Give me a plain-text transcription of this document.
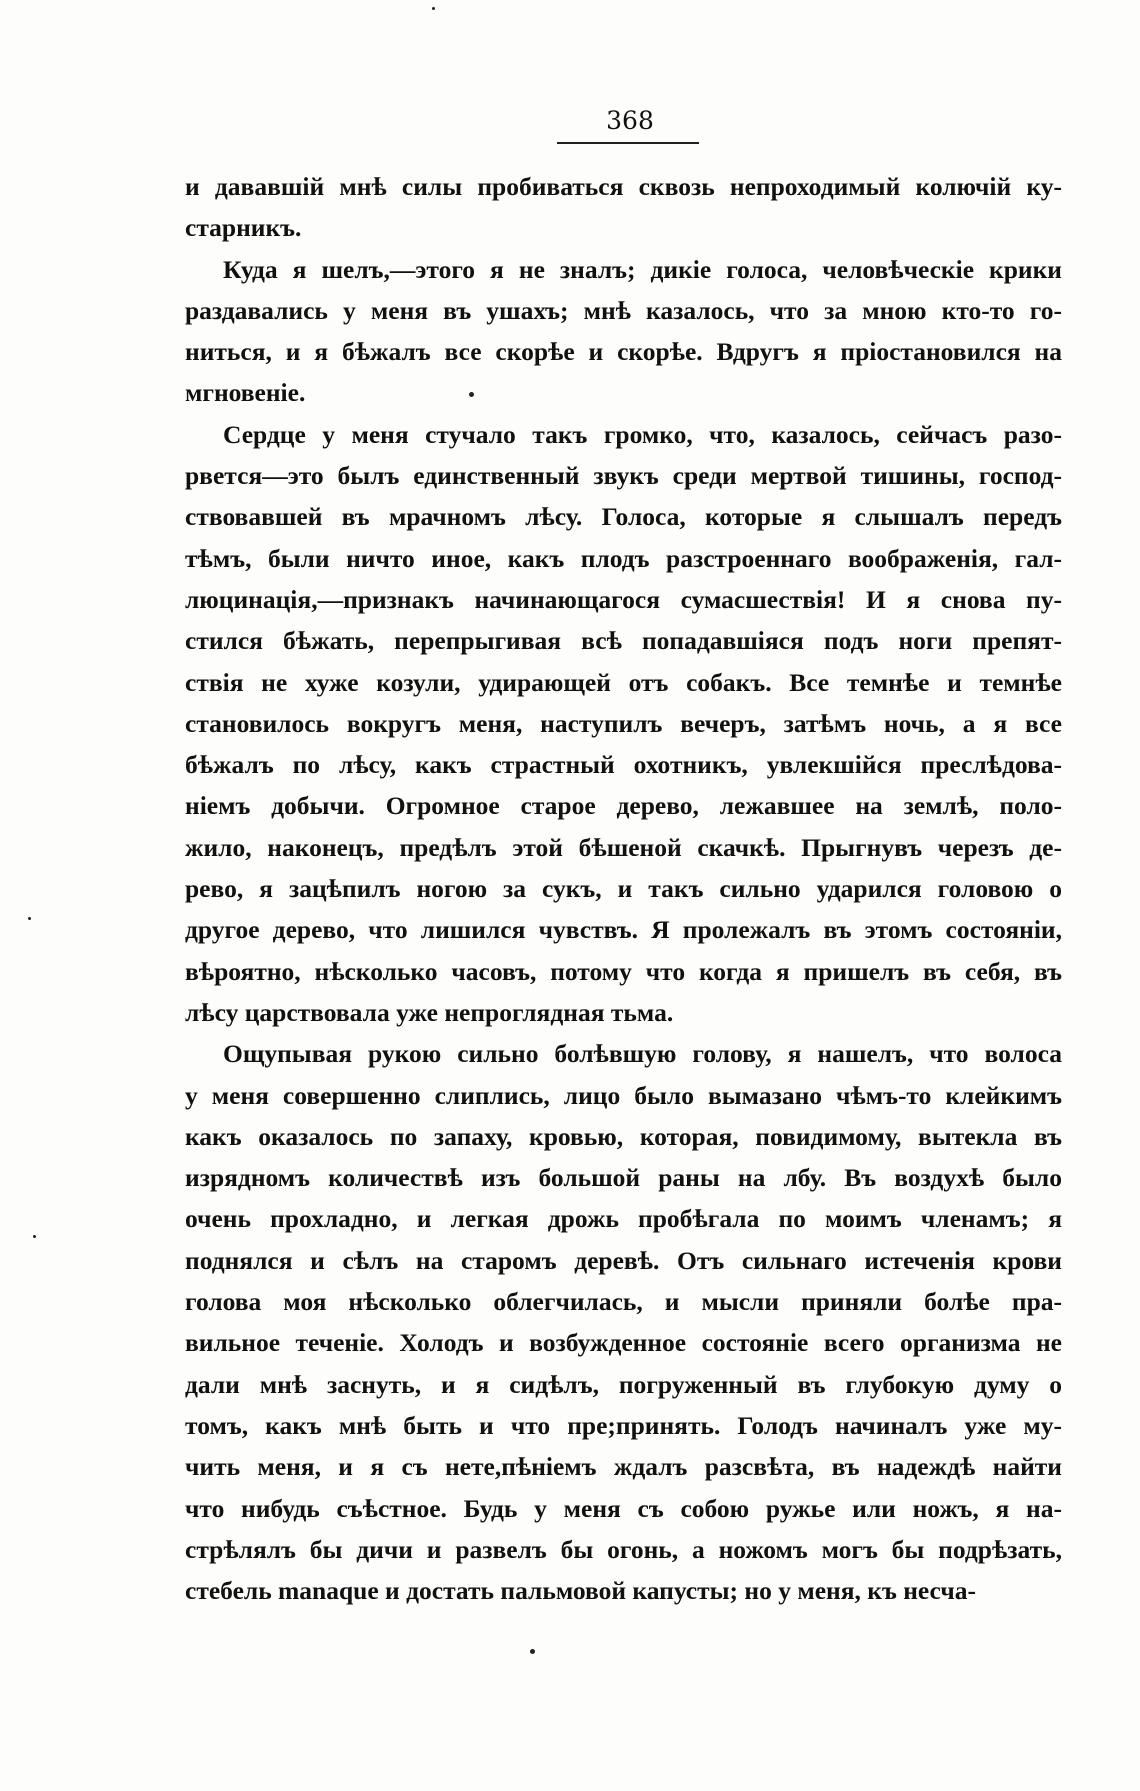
368
и дававшій мнѣ силы пробиваться сквозь непроходимый колючій ку-
старникъ.
Куда я шелъ,—этого я не зналъ; дикіе голоса, человѣческіе крики
раздавались у меня въ ушахъ; мнѣ казалось, что за мною кто-то го-
ниться, и я бѣжалъ все скорѣе и скорѣе. Вдругъ я пріостановился на
мгновеніе.
Сердце у меня стучало такъ громко, что, казалось, сейчасъ разо-
рвется—это былъ единственный звукъ среди мертвой тишины, господ-
ствовавшей въ мрачномъ лѣсу. Голоса, которые я слышалъ передъ
тѣмъ, были ничто иное, какъ плодъ разстроеннаго воображенія, гал-
люцинація,—признакъ начинающагося сумасшествія! И я снова пу-
стился бѣжать, перепрыгивая всѣ попадавшіяся подъ ноги препят-
ствія не хуже козули, удирающей отъ собакъ. Все темнѣе и темнѣе
становилось вокругъ меня, наступилъ вечеръ, затѣмъ ночь, а я все
бѣжалъ по лѣсу, какъ страстный охотникъ, увлекшійся преслѣдова-
ніемъ добычи. Огромное старое дерево, лежавшее на землѣ, поло-
жило, наконецъ, предѣлъ этой бѣшеной скачкѣ. Прыгнувъ черезъ де-
рево, я зацѣпилъ ногою за сукъ, и такъ сильно ударился головою о
другое дерево, что лишился чувствъ. Я пролежалъ въ этомъ состояніи,
вѣроятно, нѣсколько часовъ, потому что когда я пришелъ въ себя, въ
лѣсу царствовала уже непроглядная тьма.
Ощупывая рукою сильно болѣвшую голову, я нашелъ, что волоса
у меня совершенно слиплись, лицо было вымазано чѣмъ-то клейкимъ
какъ оказалось по запаху, кровью, которая, повидимому, вытекла въ
изрядномъ количествѣ изъ большой раны на лбу. Въ воздухѣ было
очень прохладно, и легкая дрожь пробѣгала по моимъ членамъ; я
поднялся и сѣлъ на старомъ деревѣ. Отъ сильнаго истеченія крови
голова моя нѣсколько облегчилась, и мысли приняли болѣе пра-
вильное теченіе. Холодъ и возбужденное состояніе всего организма не
дали мнѣ заснуть, и я сидѣлъ, погруженный въ глубокую думу о
томъ, какъ мнѣ быть и что пре;принять. Голодъ начиналъ уже му-
чить меня, и я съ нете,пѣніемъ ждалъ разсвѣта, въ надеждѣ найти
что нибудь съѣстное. Будь у меня съ собою ружье или ножъ, я на-
стрѣлялъ бы дичи и развелъ бы огонь, а ножомъ могъ бы подрѣзать,
стебель manaque и достать пальмовой капусты; но у меня, къ несча-
